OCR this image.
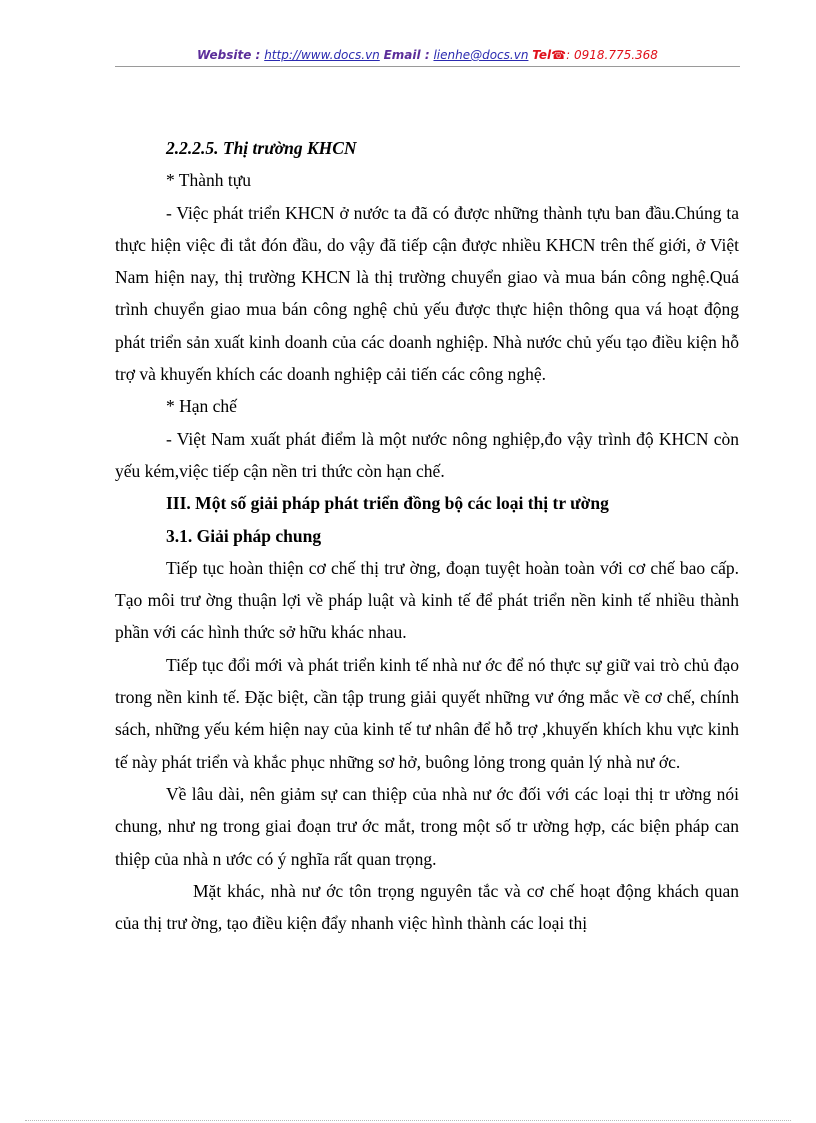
Website : http://www.docs.vn Email : lienhe@docs.vn Tel☎: 0918.775.368

2.2.2.5. Thị trường KHCN

* Thành tựu

- Việc phát triển KHCN ở nước ta đã có được những thành tựu ban đầu.Chúng ta thực hiện việc đi tắt đón đầu, do vậy đã tiếp cận được nhiều KHCN trên thế giới, ở Việt Nam hiện nay, thị trường KHCN là thị trường chuyển giao và mua bán công nghệ.Quá trình chuyển giao mua bán công nghệ chủ yếu được thực hiện thông qua vá hoạt động phát triển sản xuất kinh doanh của các doanh nghiệp. Nhà nước chủ yếu tạo điều kiện hỗ trợ và khuyến khích các doanh nghiệp cải tiến các công nghệ.

* Hạn chế

- Việt Nam xuất phát điểm là một nước nông nghiệp,đo vậy trình độ KHCN còn yếu kém,việc tiếp cận nền tri thức còn hạn chế.

III. Một số giải pháp phát triển đồng bộ các loại thị tr ường

3.1. Giải pháp chung

Tiếp tục hoàn thiện cơ chế thị trư ờng, đoạn tuyệt hoàn toàn với cơ chế bao cấp. Tạo môi trư ờng thuận lợi về pháp luật và kinh tế để phát triển nền kinh tế nhiều thành phần với các hình thức sở hữu khác nhau.

Tiếp tục đổi mới và phát triển kinh tế nhà nư ớc để nó thực sự giữ vai trò chủ đạo trong nền kinh tế. Đặc biệt, cần tập trung giải quyết những vư ớng mắc về cơ chế, chính sách, những yếu kém hiện nay của kinh tế tư nhân để hỗ trợ ,khuyến khích khu vực kinh tế này phát triển và khắc phục những sơ hở, buông lỏng trong quản lý nhà nư ớc.

Về lâu dài, nên giảm sự can thiệp của nhà nư ớc đối với các loại thị tr ường nói chung, như ng trong giai đoạn trư ớc mắt, trong một số tr ường hợp, các biện pháp can thiệp của nhà n ước có ý nghĩa rất quan trọng.

Mặt khác, nhà nư ớc tôn trọng nguyên tắc và cơ chế hoạt động khách quan của thị trư ờng, tạo điều kiện đẩy nhanh việc hình thành các loại thị
